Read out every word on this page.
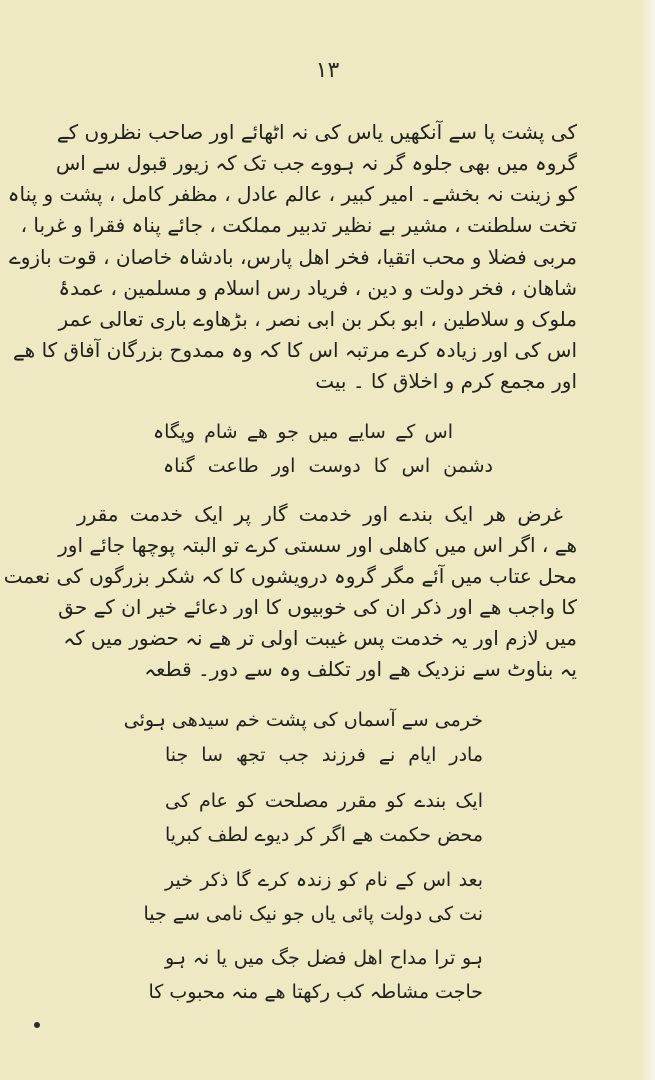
۱۳
کی پشت پا سے آنکھیں یاس کی نہ اٹھائے اور صاحب نظروں کے
گروہ میں بھی جلوہ گر نہ ہووے جب تک کہ زیور قبول سے اس
کو زینت نہ بخشے۔ امیر کبیر ، عالم عادل ، مظفر کامل ، پشت و پناہ
تخت سلطنت ، مشیر بے نظیر تدبیر مملکت ، جائے پناہ فقرا و غربا ،
مربی فضلا و محب اتقیا، فخر اهل پارس، بادشاہ خاصان ، قوت بازوے
شاهان ، فخر دولت و دین ، فریاد رس اسلام و مسلمین ، عمدۂ
ملوک و سلاطین ، ابو بکر بن ابی نصر ، بڑھاوے باری تعالی عمر
اس کی اور زیادہ کرے مرتبہ اس کا کہ وہ ممدوح بزرگان آفاق کا ھے
اور مجمع کرم و اخلاق کا ۔ بیت
اس کے سایے میں جو ھے شام وپگاہ
دشمن اس کا دوست اور طاعت گناہ
غرض هر ایک بندے اور خدمت گار پر ایک خدمت مقرر
ھے ، اگر اس میں کاهلی اور سستی کرے تو البتہ پوچھا جائے اور
محل عتاب میں آئے مگر گروہ درویشوں کا کہ شکر بزرگوں کی نعمت
کا واجب ھے اور ذکر ان کی خوبیوں کا اور دعائے خیر ان کے حق
میں لازم اور یہ خدمت پس غیبت اولی تر ھے نہ حضور میں کہ
یہ بناوٹ سے نزدیک ھے اور تکلف وہ سے دور۔ قطعہ
خرمی سے آسماں کی پشت خم سیدھی ہوئی
مادر ایام نے فرزند جب تجھ سا جنا
ایک بندے کو مقرر مصلحت کو عام کی
محض حکمت ھے اگر کر دیوے لطف کبریا
بعد اس کے نام کو زندہ کرے گا ذکر خیر
نت کی دولت پائی یاں جو نیک نامی سے جیا
ہو ترا مداح اهل فضل جگ میں یا نہ ہو
حاجت مشاطہ کب رکھتا ھے منہ محبوب کا
